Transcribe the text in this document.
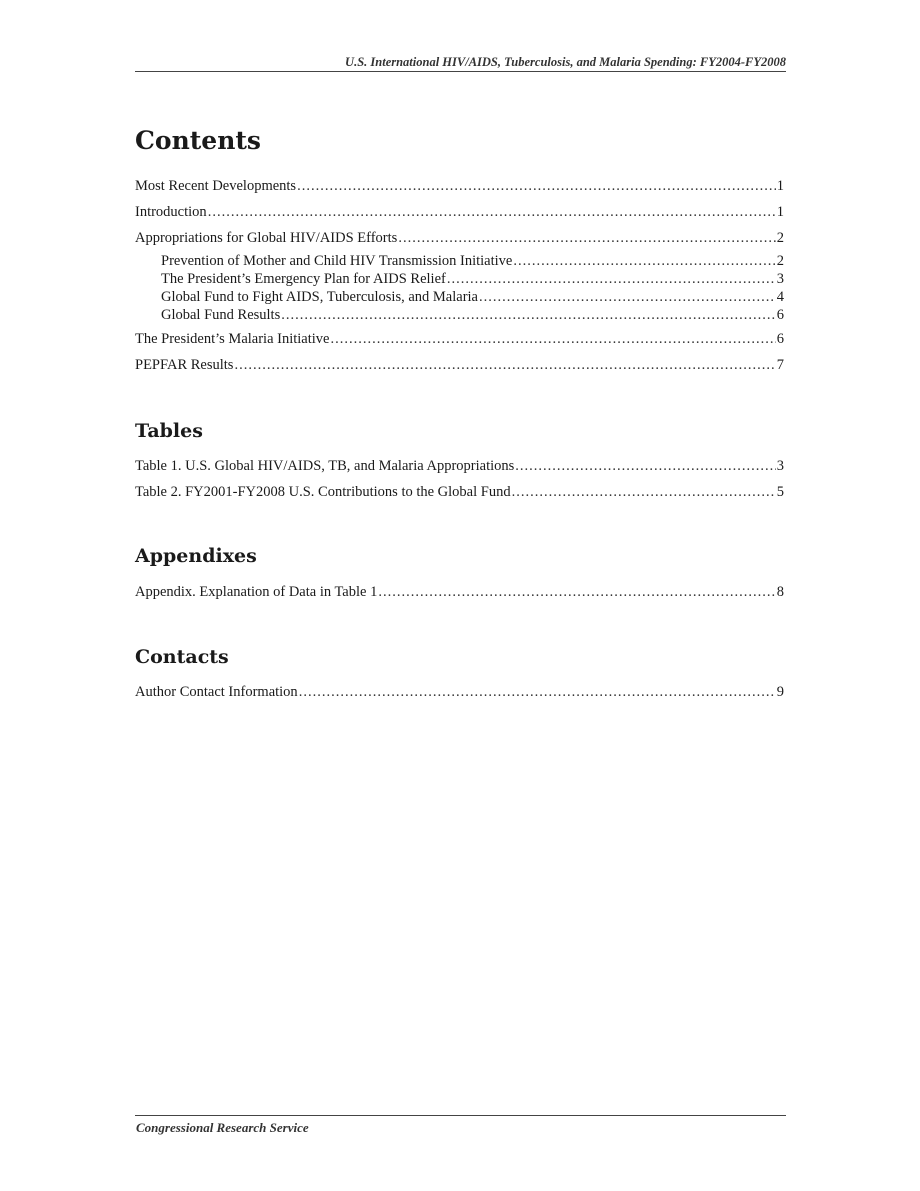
U.S. International HIV/AIDS, Tuberculosis, and Malaria Spending: FY2004-FY2008
Contents
Most Recent Developments .....	1
Introduction .....	1
Appropriations for Global HIV/AIDS Efforts .....	2
Prevention of Mother and Child HIV Transmission Initiative .....	2
The President’s Emergency Plan for AIDS Relief .....	3
Global Fund to Fight AIDS, Tuberculosis, and Malaria .....	4
Global Fund Results .....	6
The President’s Malaria Initiative .....	6
PEPFAR Results .....	7
Tables
Table 1. U.S. Global HIV/AIDS, TB, and Malaria Appropriations .....	3
Table 2. FY2001-FY2008 U.S. Contributions to the Global Fund .....	5
Appendixes
Appendix. Explanation of Data in Table 1 .....	8
Contacts
Author Contact Information .....	9
Congressional Research Service
